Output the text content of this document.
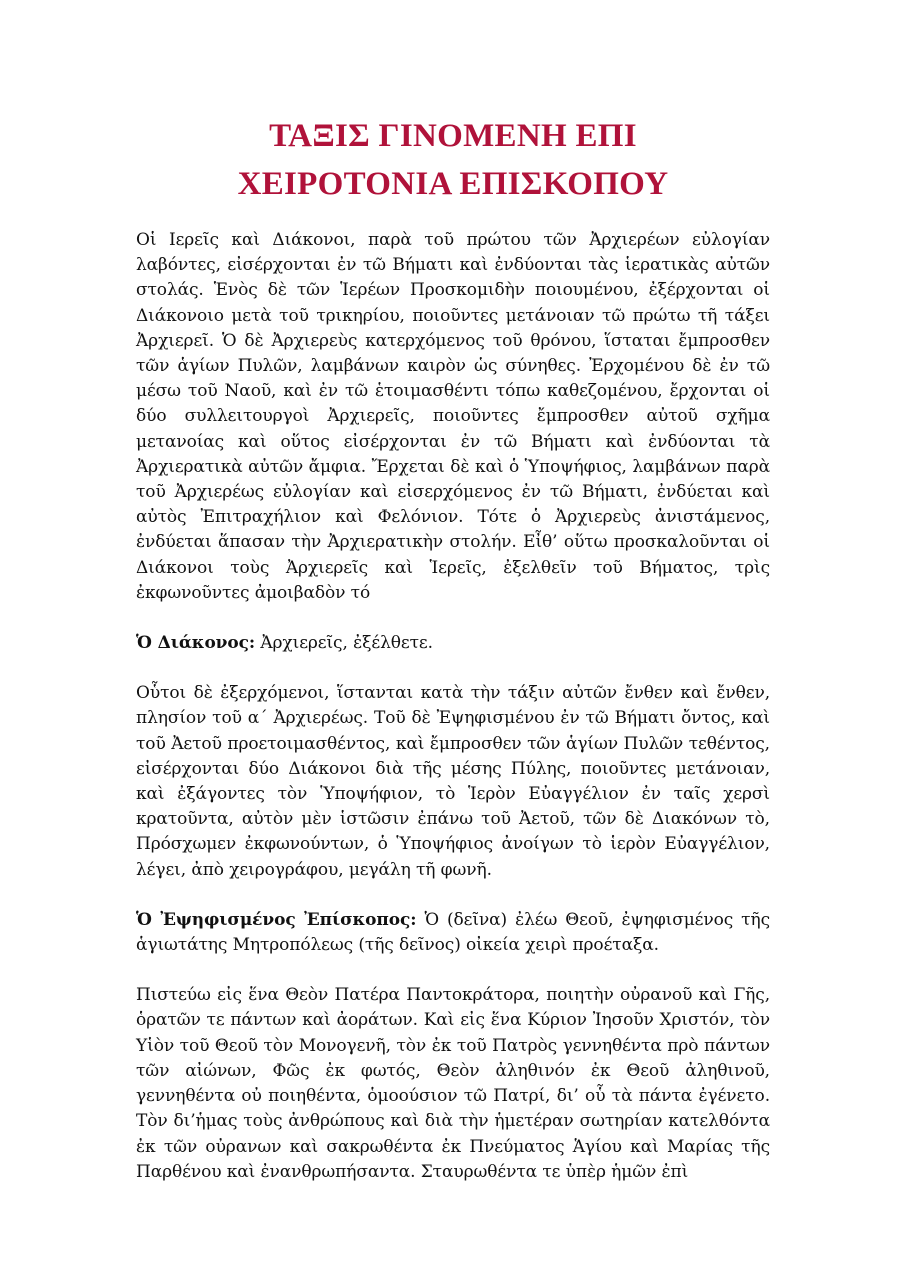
ΤΑΞΙΣ ΓΙΝΟΜΕΝΗ ΕΠΙ
ΧΕΙΡΟΤΟΝΙΑ ΕΠΙΣΚΟΠΟΥ

Οἱ Ιερεῖς καὶ Διάκονοι, παρὰ τοῦ πρώτου τῶν Ἀρχιερέων εὐλογίαν λαβόντες, εἰσέρχονται ἐν τῶ Βήματι καὶ ἐνδύονται τὰς ἱερατικὰς αὐτῶν στολάς. Ἑνὸς δὲ τῶν Ἱερέων Προσκομιδὴν ποιουμένου, ἐξέρχονται οἱ Διάκονοιο μετὰ τοῦ τρικηρίου, ποιοῦντες μετάνοιαν τῶ πρώτω τῆ τάξει Ἀρχιερεῖ. Ὁ δὲ Ἀρχιερεὺς κατερχόμενος τοῦ θρόνου, ἵσταται ἔμπροσθεν τῶν ἁγίων Πυλῶν, λαμβάνων καιρὸν ὡς σύνηθες. Ἐρχομένου δὲ ἐν τῶ μέσω τοῦ Ναοῦ, καὶ ἐν τῶ ἑτοιμασθέντι τόπω καθεζομένου, ἔρχονται οἱ δύο συλλειτουργοὶ Ἀρχιερεῖς, ποιοῦντες ἔμπροσθεν αὐτοῦ σχῆμα μετανοίας καὶ οὕτος εἰσέρχονται ἐν τῶ Βήματι καὶ ἐνδύονται τὰ Ἀρχιερατικὰ αὐτῶν ἄμφια. Ἔρχεται δὲ καὶ ὁ Ὑποψήφιος, λαμβάνων παρὰ τοῦ Ἀρχιερέως εὐλογίαν καὶ εἰσερχόμενος ἐν τῶ Βήματι, ἐνδύεται καὶ αὐτὸς Ἐπιτραχήλιον καὶ Φελόνιον. Τότε ὁ Ἀρχιερεὺς ἀνιστάμενος, ἐνδύεται ἅπασαν τὴν Ἀρχιερατικὴν στολήν. Εἶθ’ οὕτω προσκαλοῦνται οἱ Διάκονοι τοὺς Ἀρχιερεῖς καὶ Ἱερεῖς, ἐξελθεῖν τοῦ Βήματος, τρὶς ἐκφωνοῦντες ἀμοιβαδὸν τό

Ὁ Διάκονος: Ἀρχιερεῖς, ἐξέλθετε.

Οὗτοι δὲ ἐξερχόμενοι, ἵστανται κατὰ τὴν τάξιν αὐτῶν ἔνθεν καὶ ἔνθεν, πλησίον τοῦ α΄ Ἀρχιερέως. Τοῦ δὲ Ἐψηφισμένου ἐν τῶ Βήματι ὄντος, καὶ τοῦ Ἀετοῦ προετοιμασθέντος, καὶ ἔμπροσθεν τῶν ἁγίων Πυλῶν τεθέντος, εἰσέρχονται δύο Διάκονοι διὰ τῆς μέσης Πύλης, ποιοῦντες μετάνοιαν, καὶ ἐξάγοντες τὸν Ὑποψήφιον, τὸ Ἱερὸν Εὐαγγέλιον ἐν ταῖς χερσὶ κρατοῦντα, αὐτὸν μὲν ἱστῶσιν ἐπάνω τοῦ Ἀετοῦ, τῶν δὲ Διακόνων τὸ, Πρόσχωμεν ἐκφωνούντων, ὁ Ὑποψήφιος ἀνοίγων τὸ ἱερὸν Εὐαγγέλιον, λέγει, ἀπὸ χειρογράφου, μεγάλη τῆ φωνῆ.

Ὁ Ἐψηφισμένος Ἐπίσκοπος: Ὁ (δεῖνα) ἐλέω Θεοῦ, ἐψηφισμένος τῆς ἁγιωτάτης Μητροπόλεως (τῆς δεῖνος) οἰκεία χειρὶ προέταξα.

Πιστεύω εἰς ἕνα Θεὸν Πατέρα Παντοκράτορα, ποιητὴν οὐρανοῦ καὶ Γῆς, ὁρατῶν τε πάντων καὶ ἀοράτων. Καὶ εἰς ἕνα Κύριον Ἰησοῦν Χριστόν, τὸν Υἱὸν τοῦ Θεοῦ τὸν Μονογενῆ, τὸν ἐκ τοῦ Πατρὸς γεννηθέντα πρὸ πάντων τῶν αἰώνων, Φῶς ἐκ φωτός, Θεὸν ἀληθινόν ἐκ Θεοῦ ἀληθινοῦ, γεννηθέντα οὐ ποιηθέντα, ὁμοούσιον τῶ Πατρί, δι’ οὗ τὰ πάντα ἐγένετο. Τὸν δι’ἡμας τοὺς ἀνθρώπους καὶ διὰ τὴν ἡμετέραν σωτηρίαν κατελθόντα ἐκ τῶν οὐρανων καὶ σακρωθέντα ἐκ Πνεύματος Ἁγίου καὶ Μαρίας τῆς Παρθένου καὶ ἐνανθρωπήσαντα. Σταυρωθέντα τε ὑπὲρ ἡμῶν ἐπὶ
